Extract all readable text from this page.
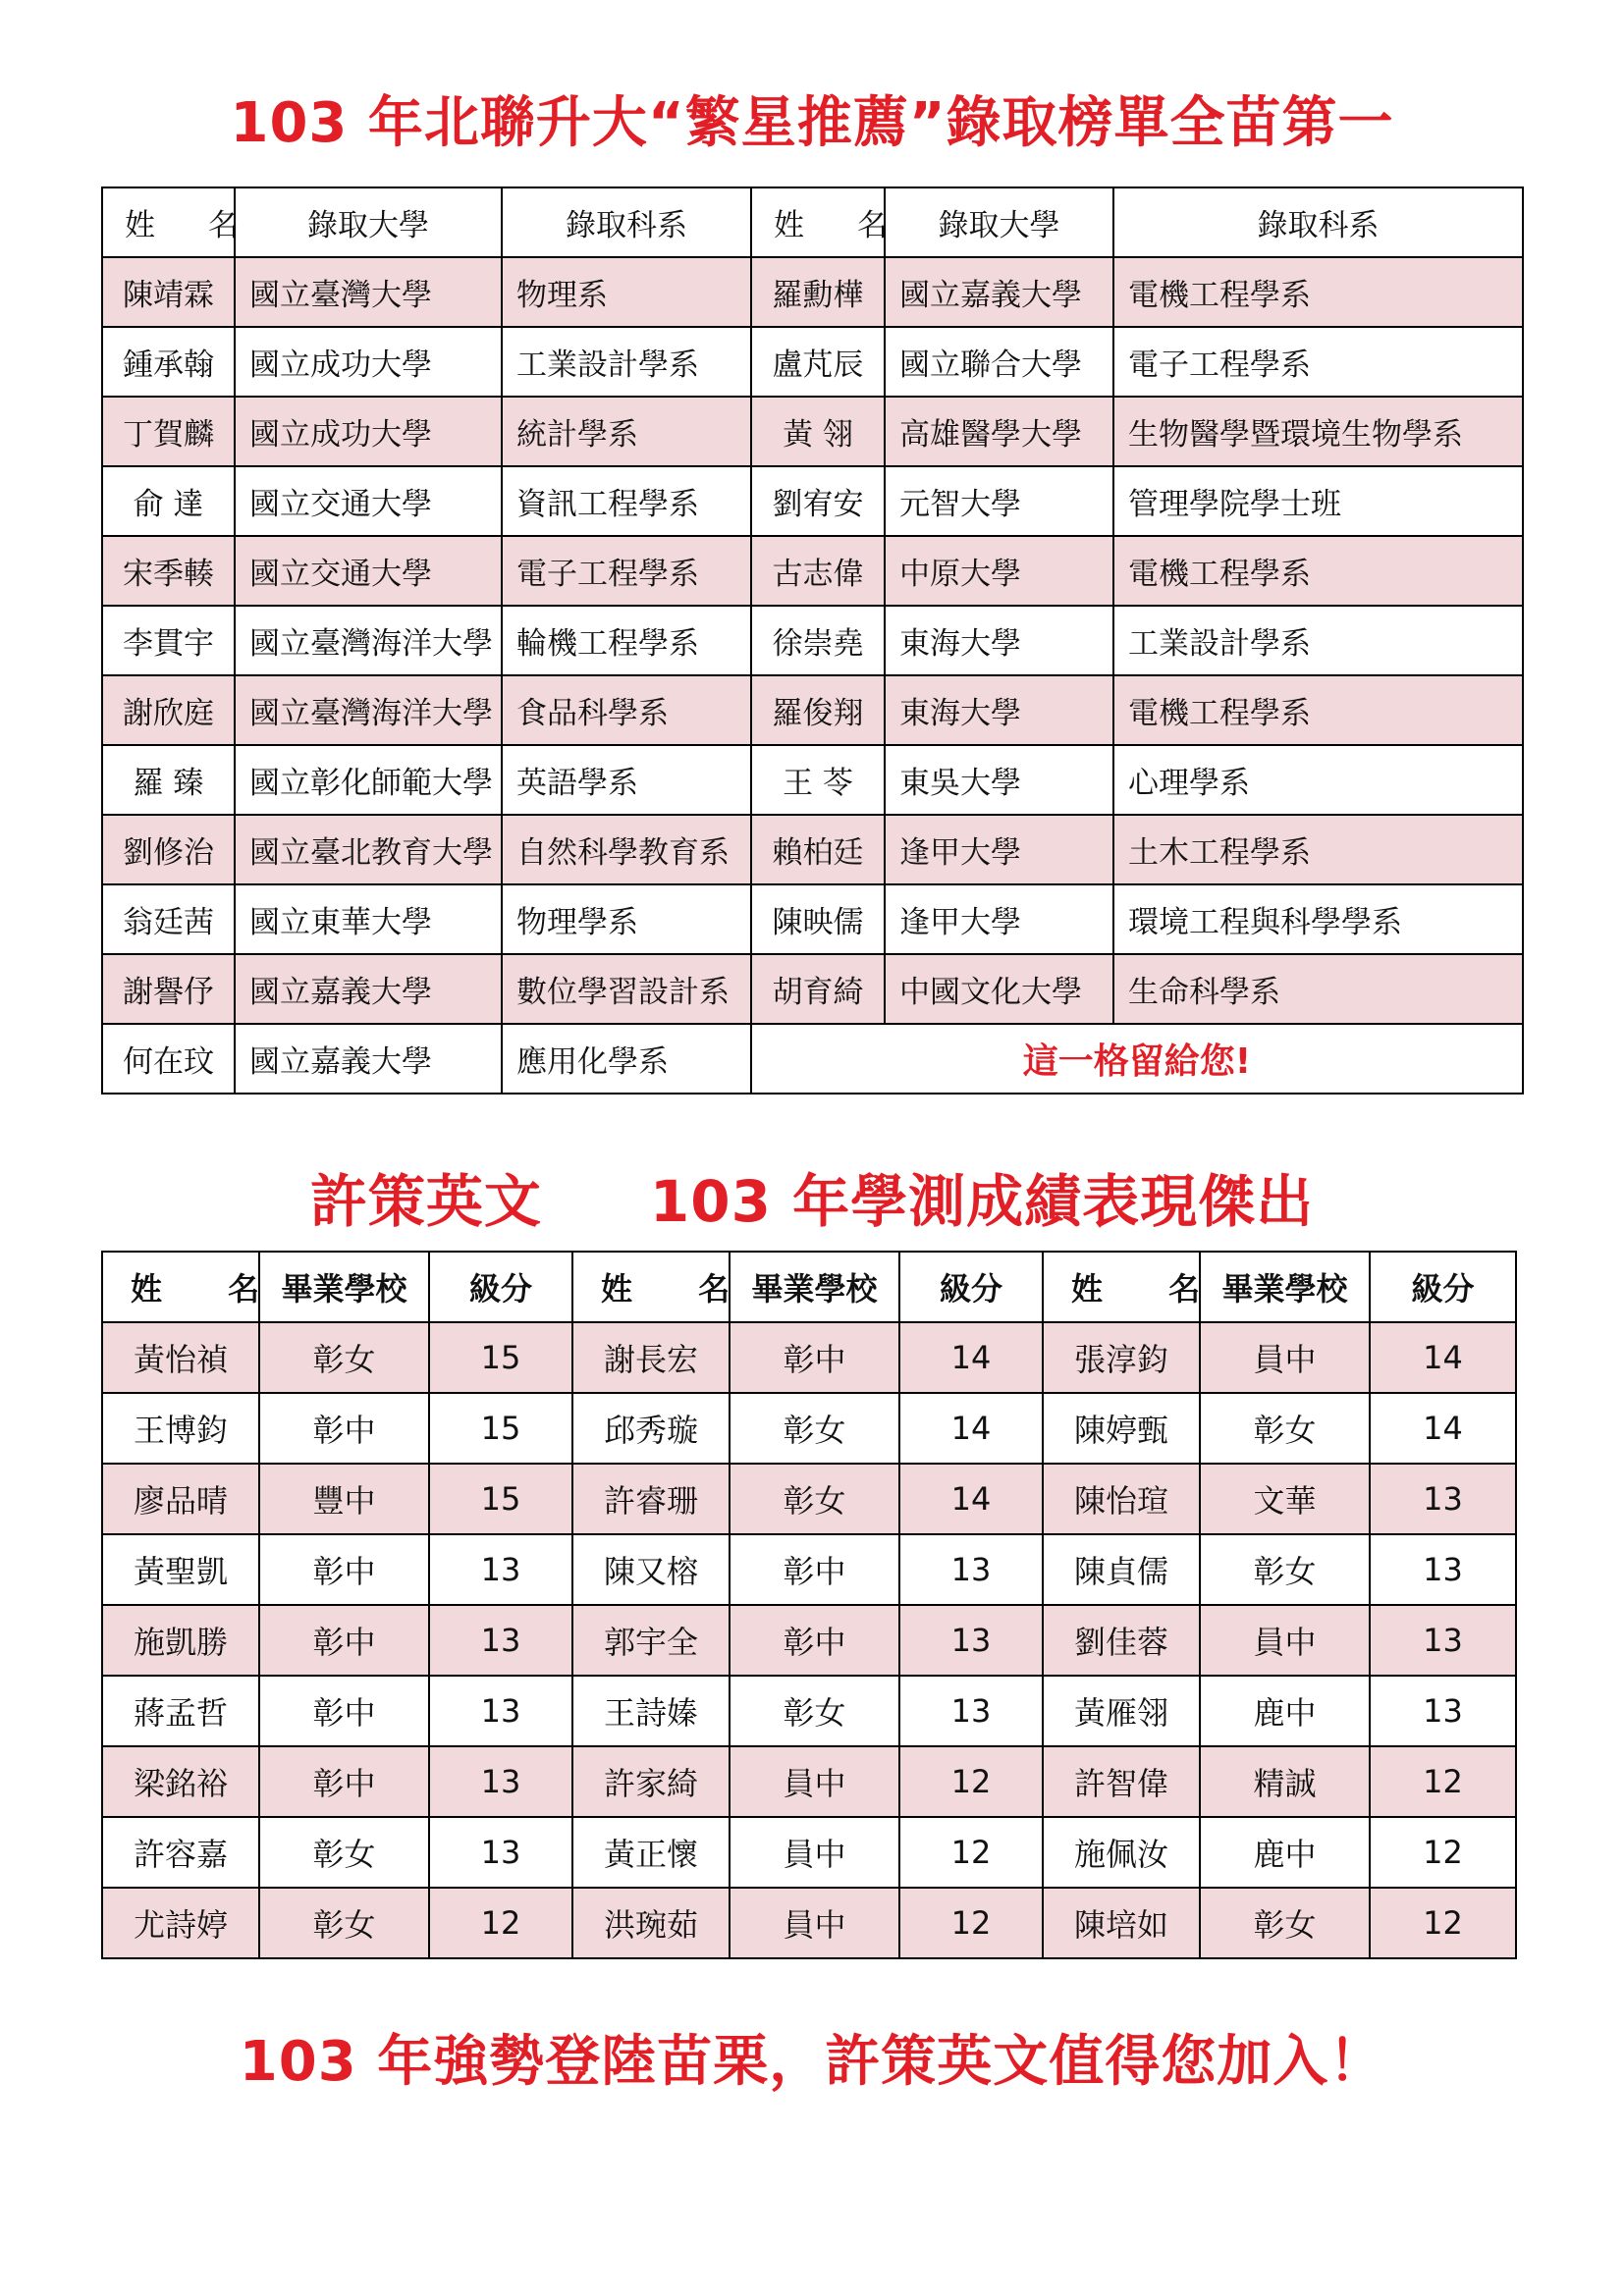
103 年北聯升大“繁星推薦”錄取榜單全苗第一
姓 名	錄取大學	錄取科系	姓 名	錄取大學	錄取科系
陳靖霖	國立臺灣大學	物理系	羅勳樺	國立嘉義大學	電機工程學系
鍾承翰	國立成功大學	工業設計學系	盧芃辰	國立聯合大學	電子工程學系
丁賀麟	國立成功大學	統計學系	黃 翎	高雄醫學大學	生物醫學暨環境生物學系
俞 達	國立交通大學	資訊工程學系	劉宥安	元智大學	管理學院學士班
宋季輳	國立交通大學	電子工程學系	古志偉	中原大學	電機工程學系
李貫宇	國立臺灣海洋大學	輪機工程學系	徐崇堯	東海大學	工業設計學系
謝欣庭	國立臺灣海洋大學	食品科學系	羅俊翔	東海大學	電機工程學系
羅 臻	國立彰化師範大學	英語學系	王 苓	東吳大學	心理學系
劉修治	國立臺北教育大學	自然科學教育系	賴柏廷	逢甲大學	土木工程學系
翁廷茜	國立東華大學	物理學系	陳映儒	逢甲大學	環境工程與科學學系
謝譽伃	國立嘉義大學	數位學習設計系	胡育綺	中國文化大學	生命科學系
何在玟	國立嘉義大學	應用化學系	這一格留給您!		
許策英文 103 年學測成績表現傑出
姓 名	畢業學校	級分	姓 名	畢業學校	級分	姓 名	畢業學校	級分
黃怡禎	彰女	15	謝長宏	彰中	14	張淳鈞	員中	14
王博鈞	彰中	15	邱秀璇	彰女	14	陳婷甄	彰女	14
廖品晴	豐中	15	許睿珊	彰女	14	陳怡瑄	文華	13
黃聖凱	彰中	13	陳又榕	彰中	13	陳貞儒	彰女	13
施凱勝	彰中	13	郭宇全	彰中	13	劉佳蓉	員中	13
蔣孟哲	彰中	13	王詩嫀	彰女	13	黃雁翎	鹿中	13
梁銘裕	彰中	13	許家綺	員中	12	許智偉	精誠	12
許容嘉	彰女	13	黃正懷	員中	12	施佩汝	鹿中	12
尤詩婷	彰女	12	洪琬茹	員中	12	陳培如	彰女	12
103 年強勢登陸苗栗，許策英文值得您加入！
